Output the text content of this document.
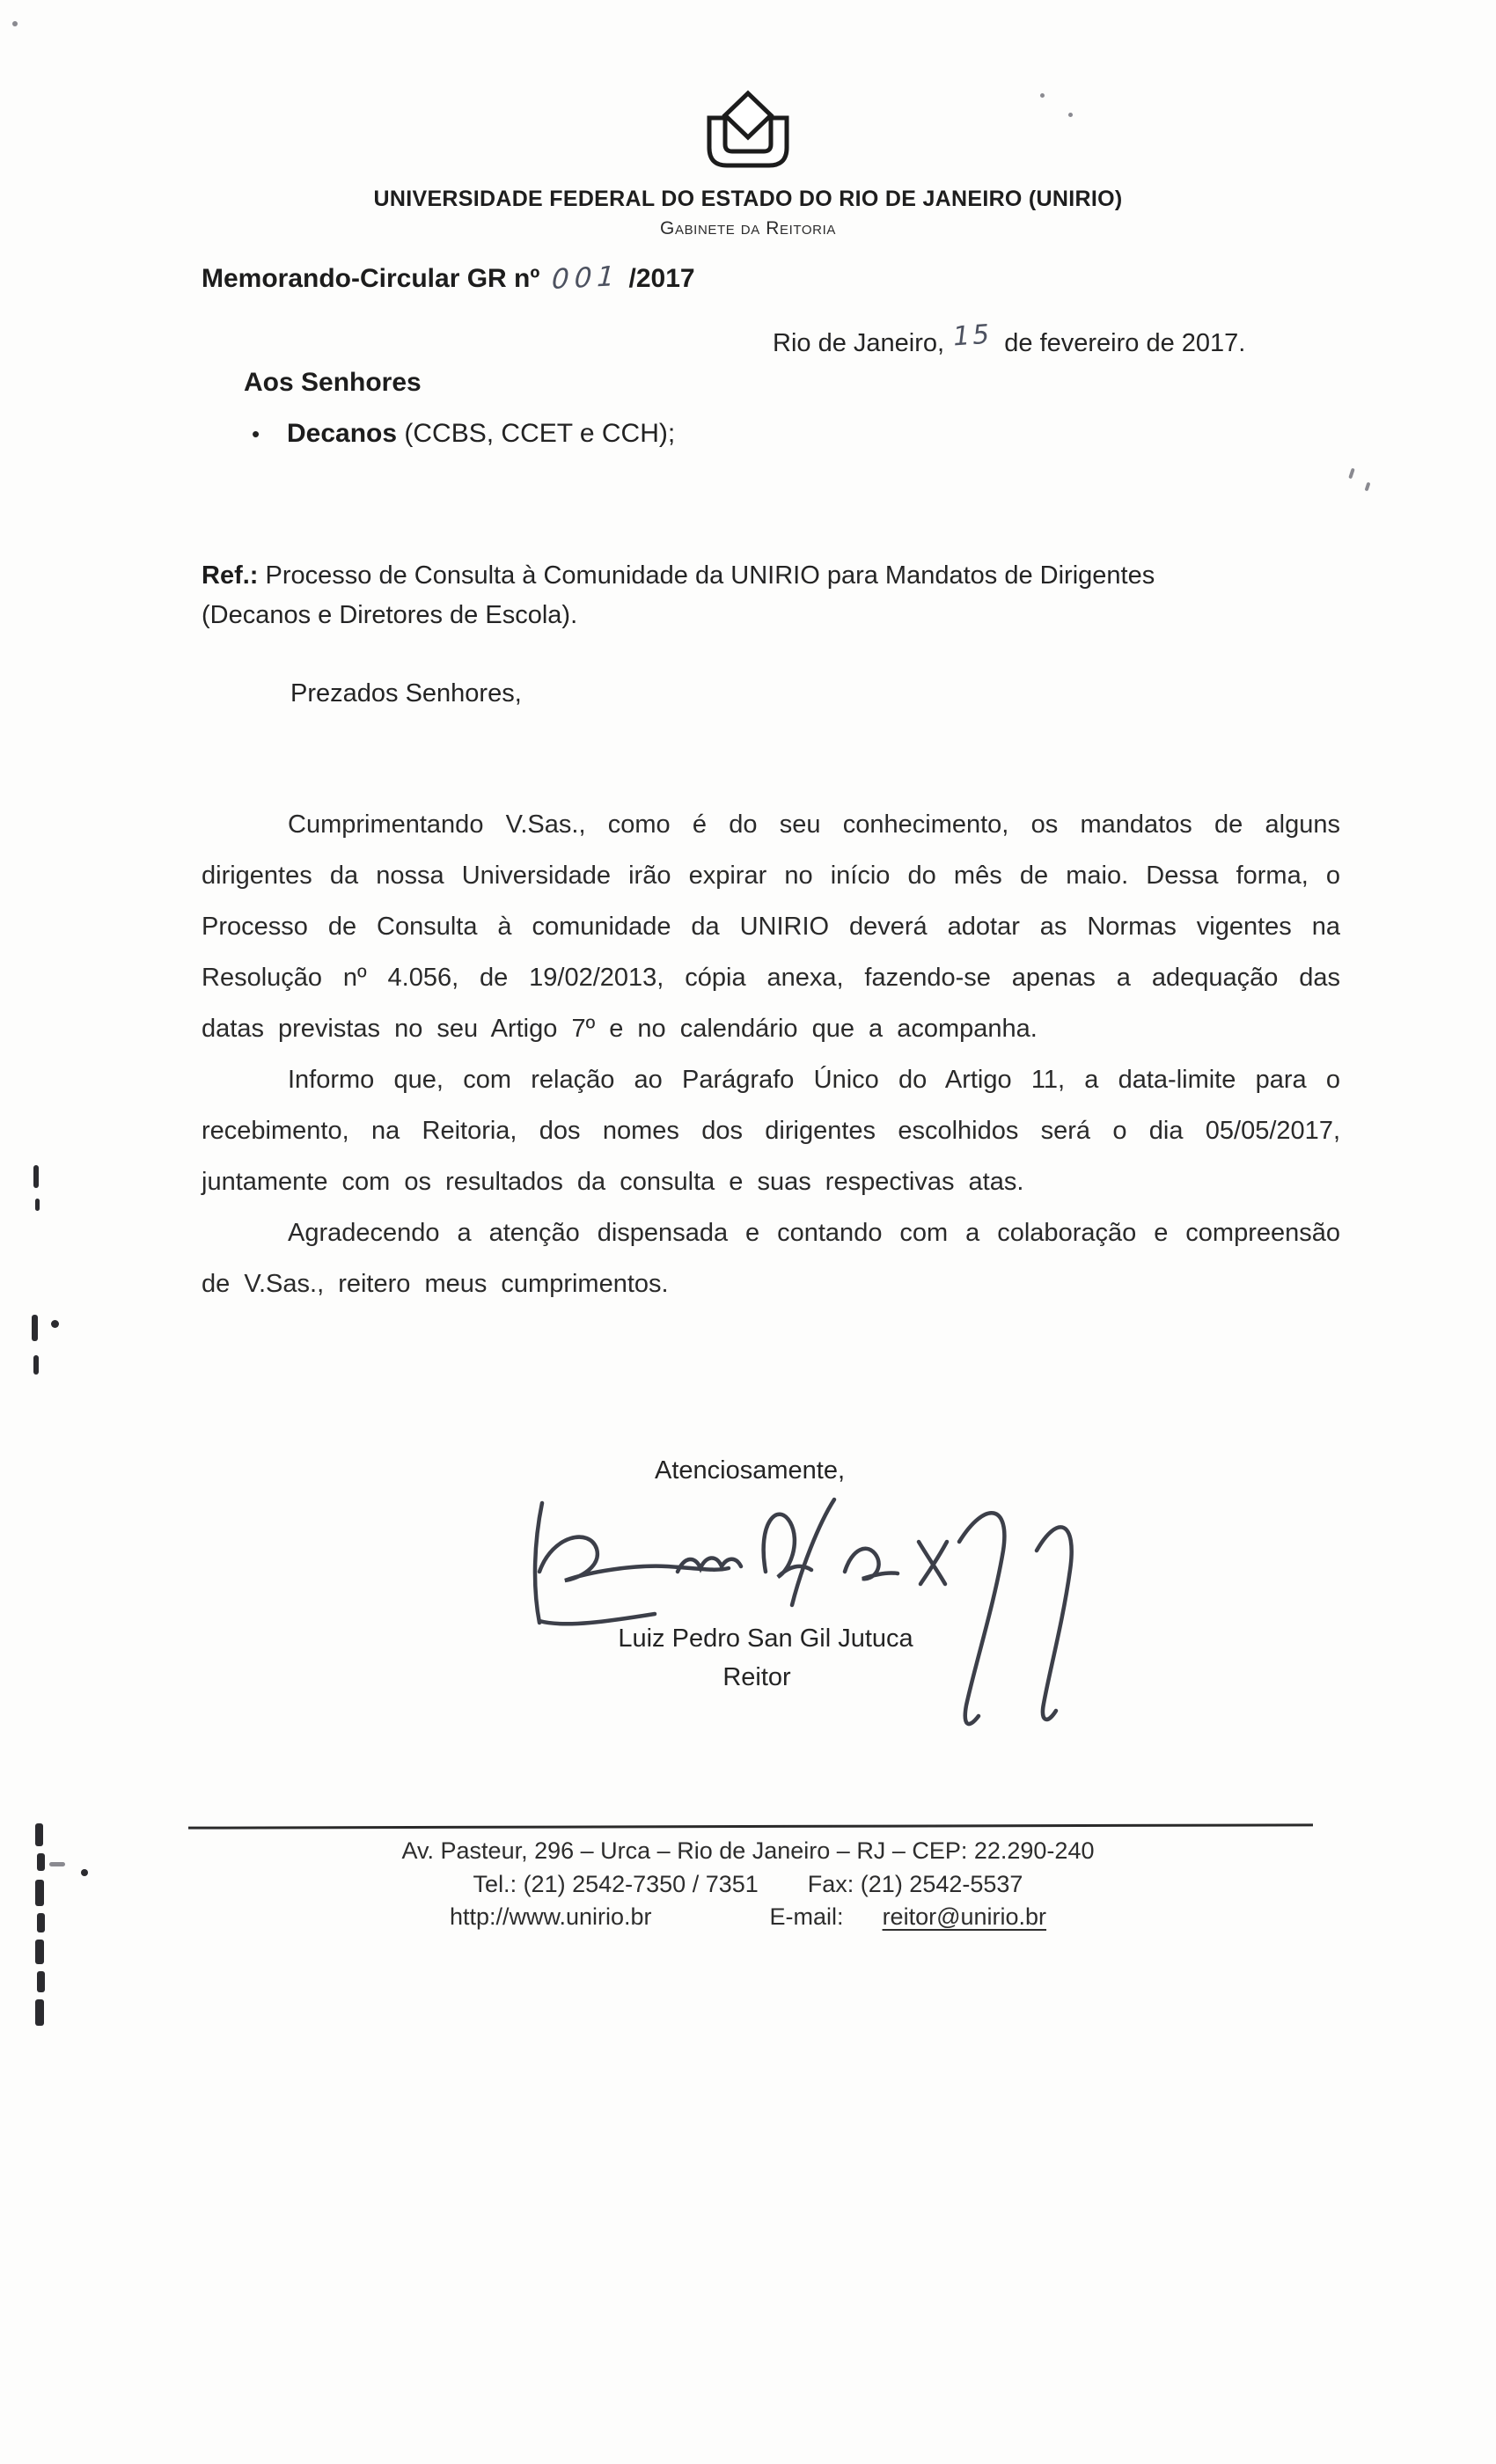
UNIVERSIDADE FEDERAL DO ESTADO DO RIO DE JANEIRO (UNIRIO)
Gabinete da Reitoria
Memorando-Circular GR nº 001 /2017
Rio de Janeiro, 15 de fevereiro de 2017.
Aos Senhores
• Decanos (CCBS, CCET e CCH);
Ref.: Processo de Consulta à Comunidade da UNIRIO para Mandatos de Dirigentes
(Decanos e Diretores de Escola).
Prezados Senhores,

Cumprimentando V.Sas., como é do seu conhecimento, os mandatos de alguns dirigentes da nossa Universidade irão expirar no início do mês de maio. Dessa forma, o Processo de Consulta à comunidade da UNIRIO deverá adotar as Normas vigentes na Resolução nº 4.056, de 19/02/2013, cópia anexa, fazendo-se apenas a adequação das datas previstas no seu Artigo 7º e no calendário que a acompanha.

Informo que, com relação ao Parágrafo Único do Artigo 11, a data-limite para o recebimento, na Reitoria, dos nomes dos dirigentes escolhidos será o dia 05/05/2017, juntamente com os resultados da consulta e suas respectivas atas.

Agradecendo a atenção dispensada e contando com a colaboração e compreensão de V.Sas., reitero meus cumprimentos.

Atenciosamente,
Luiz Pedro San Gil Jutuca
Reitor
Av. Pasteur, 296 – Urca – Rio de Janeiro – RJ – CEP: 22.290-240
Tel.: (21) 2542-7350 / 7351 Fax: (21) 2542-5537
http://www.unirio.br	E-mail: reitor@unirio.br
